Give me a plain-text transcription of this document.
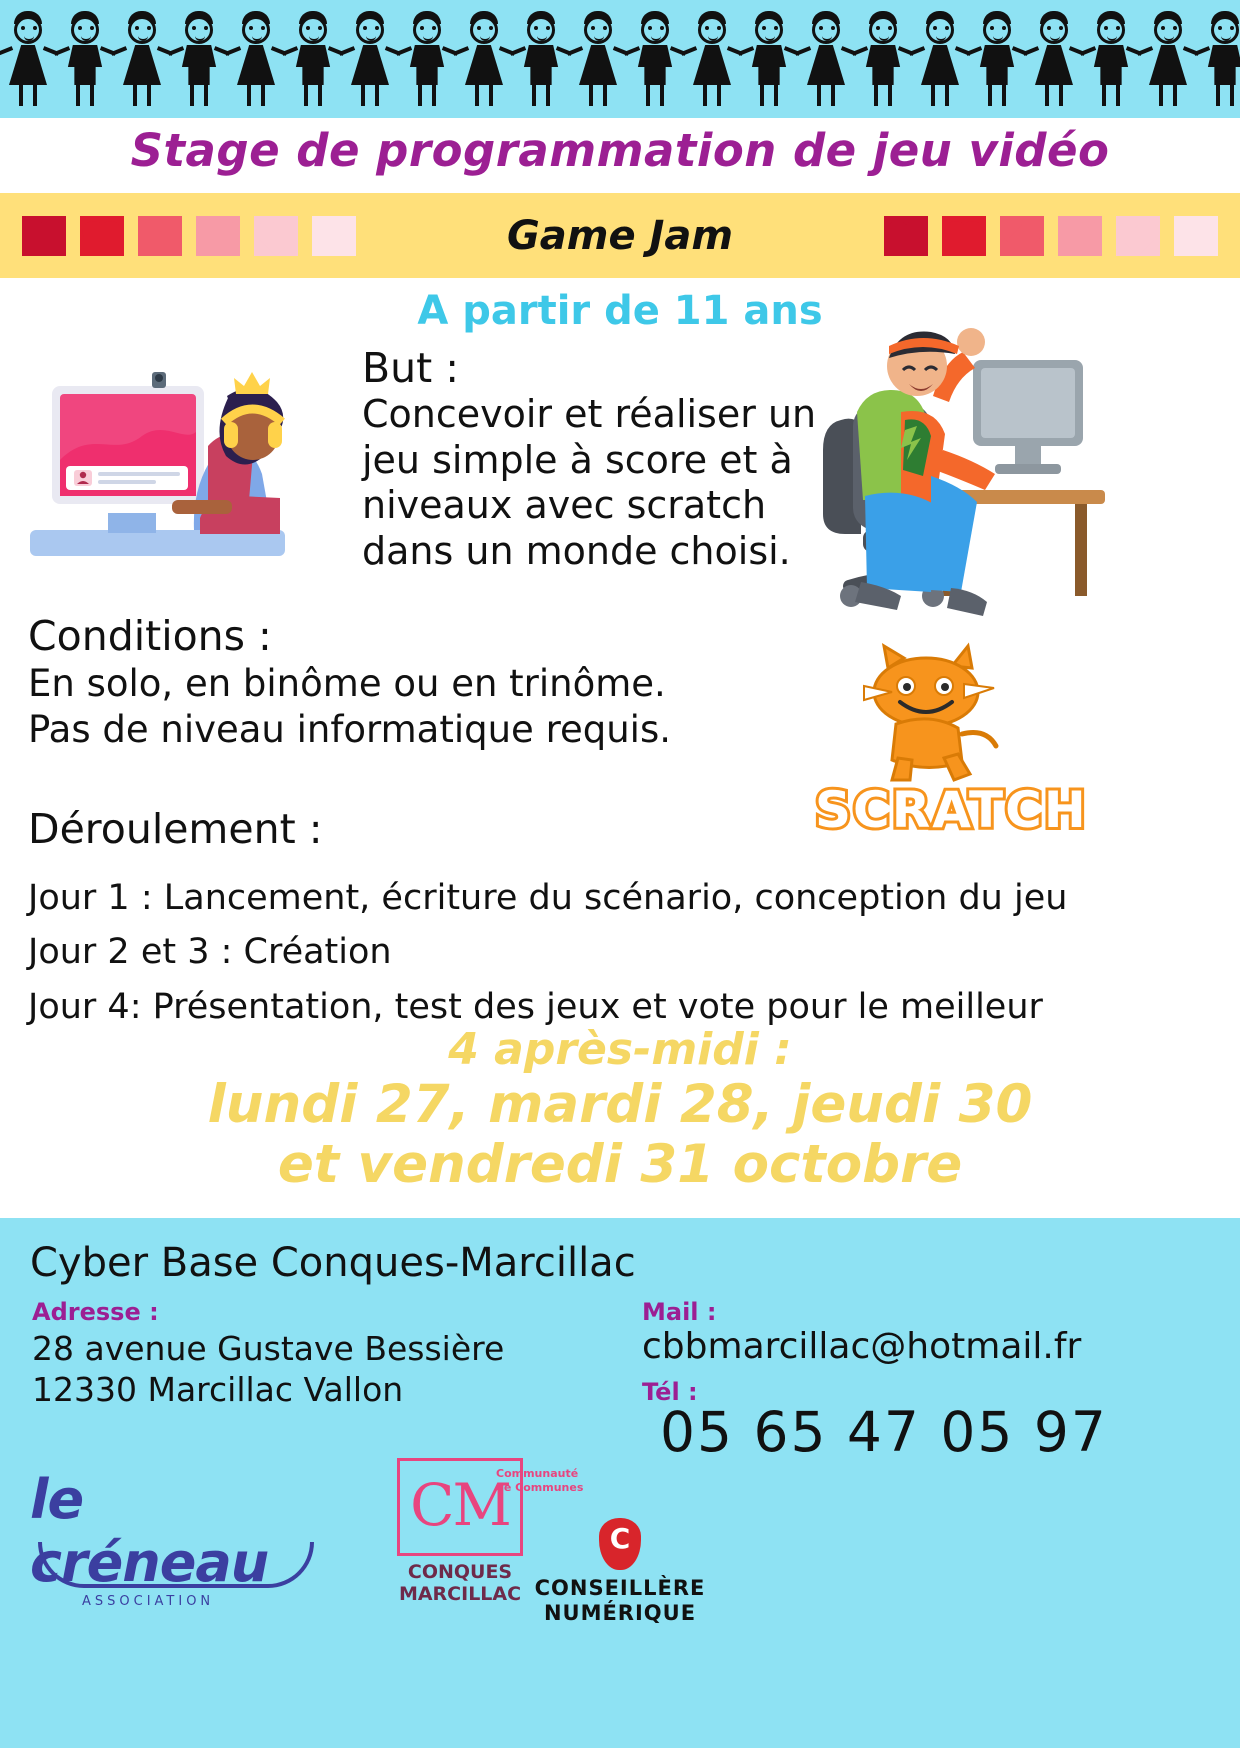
Stage de programmation de jeu vidéo
Game Jam
A partir de 11 ans
But :
Concevoir et réaliser un
jeu simple à score et à
niveaux avec scratch
dans un monde choisi.
Conditions :
En solo, en binôme ou en trinôme.
Pas de niveau informatique requis.
SCRATCH
Déroulement :
Jour 1 : Lancement, écriture du scénario, conception du jeu
Jour 2 et 3 : Création
Jour 4: Présentation, test des jeux et vote pour le meilleur
4 après-midi :
lundi 27, mardi 28, jeudi 30
et vendredi 31 octobre
Cyber Base Conques-Marcillac
Adresse :
28 avenue Gustave Bessière
12330 Marcillac Vallon
Mail :
cbbmarcillac@hotmail.fr
Tél :
05 65 47 05 97
le créneau
ASSOCIATION
CM
Communauté
de Communes
CONQUES
MARCILLAC
C CONSEILLÈRE
NUMÉRIQUE
